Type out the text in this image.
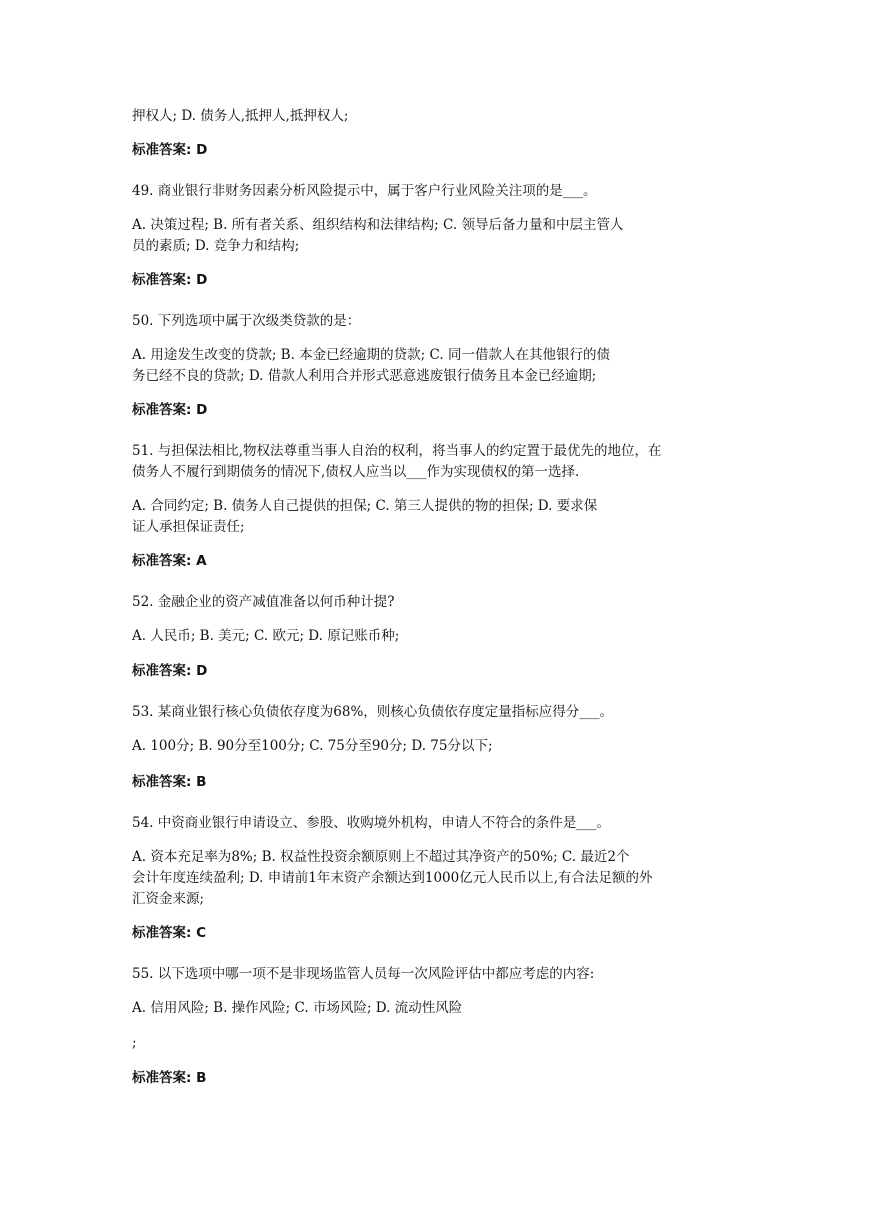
押权人; D. 债务人,抵押人,抵押权人;
标准答案: D
49. 商业银行非财务因素分析风险提示中，属于客户行业风险关注项的是___。
A. 决策过程; B. 所有者关系、组织结构和法律结构; C. 领导后备力量和中层主管人
员的素质; D. 竞争力和结构;
标准答案: D
50. 下列选项中属于次级类贷款的是：
A. 用途发生改变的贷款; B. 本金已经逾期的贷款; C. 同一借款人在其他银行的债
务已经不良的贷款; D. 借款人利用合并形式恶意逃废银行债务且本金已经逾期;
标准答案: D
51. 与担保法相比,物权法尊重当事人自治的权利，将当事人的约定置于最优先的地位，在
债务人不履行到期债务的情况下,债权人应当以___作为实现债权的第一选择.
A. 合同约定; B. 债务人自己提供的担保; C. 第三人提供的物的担保; D. 要求保
证人承担保证责任;
标准答案: A
52. 金融企业的资产减值准备以何币种计提?
A. 人民币; B. 美元; C. 欧元; D. 原记账币种;
标准答案: D
53. 某商业银行核心负债依存度为68%，则核心负债依存度定量指标应得分___。
A. 100分; B. 90分至100分; C. 75分至90分; D. 75分以下;
标准答案: B
54. 中资商业银行申请设立、参股、收购境外机构，申请人不符合的条件是___。
A. 资本充足率为8%; B. 权益性投资余额原则上不超过其净资产的50%; C. 最近2个
会计年度连续盈利; D. 申请前1年末资产余额达到1000亿元人民币以上,有合法足额的外
汇资金来源;
标准答案: C
55. 以下选项中哪一项不是非现场监管人员每一次风险评估中都应考虑的内容:
A. 信用风险; B. 操作风险; C. 市场风险; D. 流动性风险
;
标准答案: B
